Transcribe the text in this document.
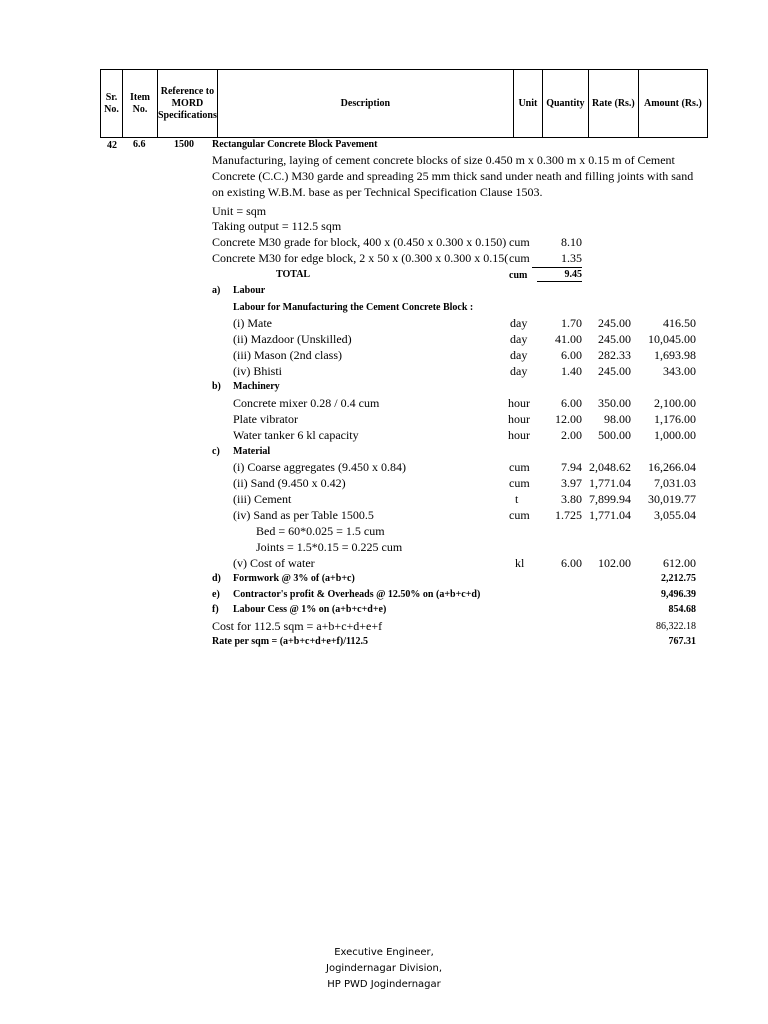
Sr. No.	Item No.	Reference to MORD Specifications	Description	Unit	Quantity	Rate (Rs.)	Amount (Rs.)
42 6.6	1500 Rectangular Concrete Block Pavement
Manufacturing, laying of cement concrete blocks of size 0.450 m x 0.300 m x 0.15 m of Cement
Concrete (C.C.) M30 garde and spreading 25 mm thick sand under neath and filling joints with sand
on existing W.B.M. base as per Technical Specification Clause 1503.
Unit = sqm
Taking output = 112.5 sqm
Concrete M30 grade for block, 400 x (0.450 x 0.300 x 0.150) cum	8.10
Concrete M30 for edge block, 2 x 50 x (0.300 x 0.300 x 0.15( cum	1.35
TOTAL	cum	9.45
a) Labour
Labour for Manufacturing the Cement Concrete Block :
(i) Mate	day	1.70	245.00	416.50
(ii) Mazdoor (Unskilled)	day	41.00	245.00	10,045.00
(iii) Mason (2nd class)	day	6.00	282.33	1,693.98
(iv) Bhisti	day	1.40	245.00	343.00
b) Machinery
Concrete mixer 0.28 / 0.4 cum	hour	6.00	350.00	2,100.00
Plate vibrator	hour	12.00	98.00	1,176.00
Water tanker 6 kl capacity	hour	2.00	500.00	1,000.00
c) Material
(i) Coarse aggregates (9.450 x 0.84)	cum	7.94 2,048.62	16,266.04
(ii) Sand (9.450 x 0.42)	cum	3.97 1,771.04	7,031.03
(iii) Cement	t	3.80 7,899.94	30,019.77
(iv) Sand as per Table 1500.5	cum	1.725 1,771.04	3,055.04
Bed = 60*0.025 = 1.5 cum
Joints = 1.5*0.15 = 0.225 cum
(v) Cost of water	kl	6.00	102.00	612.00
d) Formwork @ 3% of (a+b+c)	2,212.75
e) Contractor's profit & Overheads @ 12.50% on (a+b+c+d)	9,496.39
f) Labour Cess @ 1% on (a+b+c+d+e)	854.68
Cost for 112.5 sqm = a+b+c+d+e+f	86,322.18
Rate per sqm = (a+b+c+d+e+f)/112.5	767.31
Executive Engineer,
Jogindernagar Division,
HP PWD Jogindernagar
